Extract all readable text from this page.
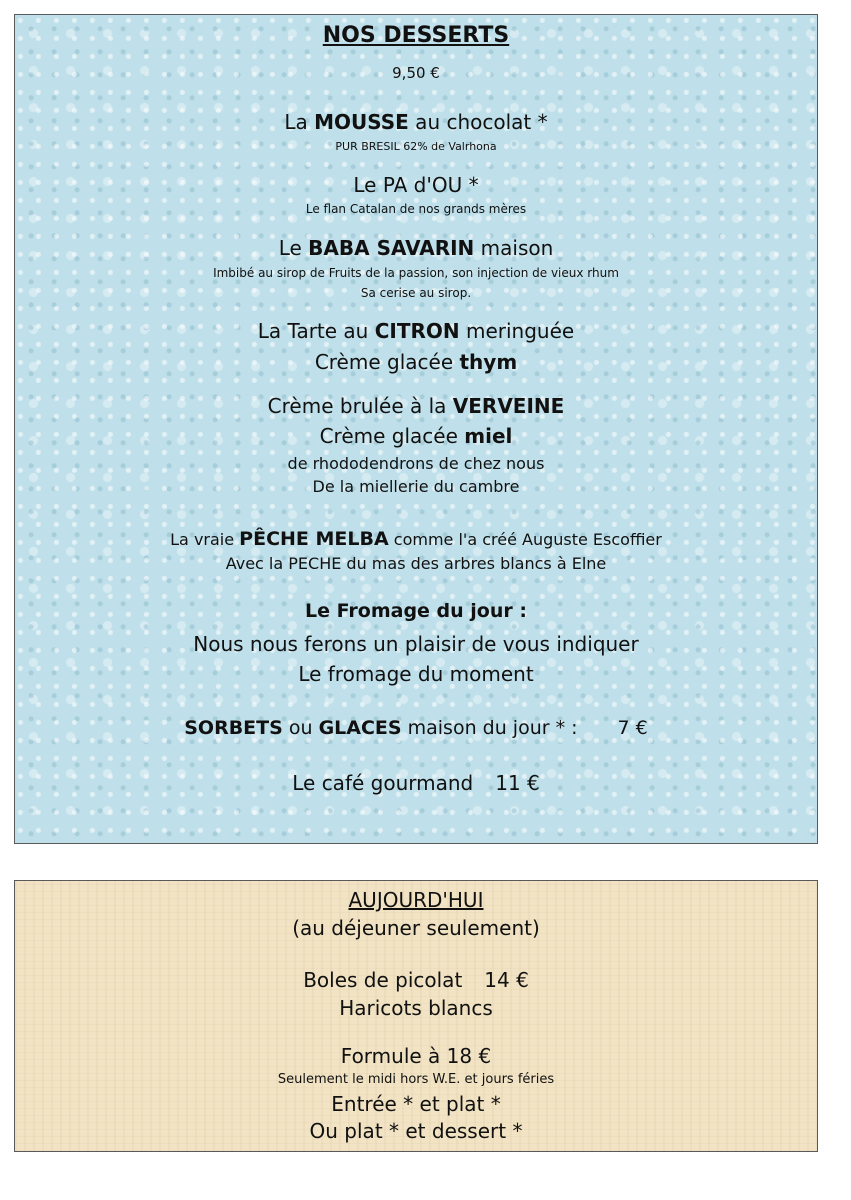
NOS DESSERTS

9,50 €

La MOUSSE au chocolat *

PUR BRESIL 62% de Valrhona

Le PA d'OU *

Le flan Catalan de nos grands mères

Le BABA SAVARIN maison

Imbibé au sirop de Fruits de la passion, son injection de vieux rhum

Sa cerise au sirop.

La Tarte au CITRON meringuée

Crème glacée thym

Crème brulée à la VERVEINE

Crème glacée miel

de rhododendrons de chez nous

De la miellerie du cambre

La vraie PÊCHE MELBA comme l'a créé Auguste Escoffier

Avec la PECHE du mas des arbres blancs à Elne

Le Fromage du jour :

Nous nous ferons un plaisir de vous indiquer

Le fromage du moment

SORBETS ou GLACES maison du jour * : 7 €

Le café gourmand 11 €

AUJOURD'HUI

(au déjeuner seulement)

Boles de picolat 14 €

Haricots blancs

Formule à 18 €

Seulement le midi hors W.E. et jours féries

Entrée * et plat *

Ou plat * et dessert *
